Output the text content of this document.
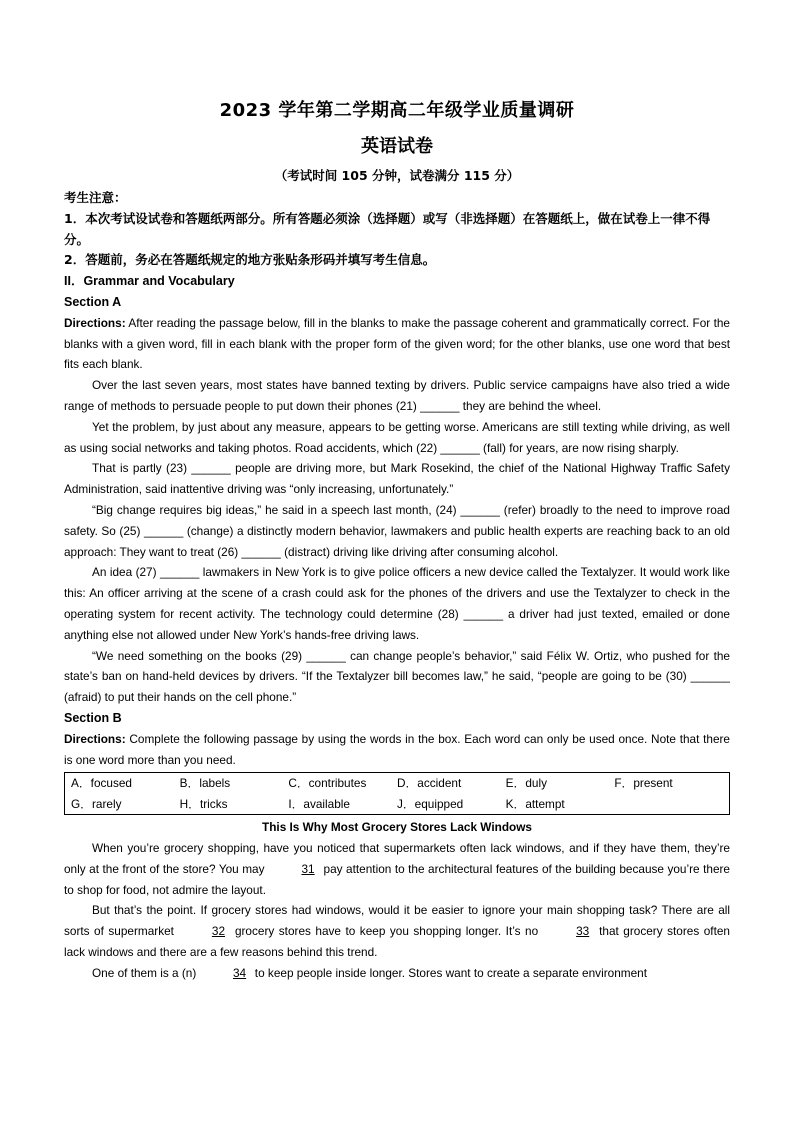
2023 学年第二学期高二年级学业质量调研
英语试卷
（考试时间 105 分钟，试卷满分 115 分）
考生注意：
1．本次考试设试卷和答题纸两部分。所有答题必须涂（选择题）或写（非选择题）在答题纸上，做在试卷上一律不得分。
2．答题前，务必在答题纸规定的地方张贴条形码并填写考生信息。
II．Grammar and Vocabulary
Section A

Directions: After reading the passage below, fill in the blanks to make the passage coherent and grammatically correct. For the blanks with a given word, fill in each blank with the proper form of the given word; for the other blanks, use one word that best fits each blank.

Over the last seven years, most states have banned texting by drivers. Public service campaigns have also tried a wide range of methods to persuade people to put down their phones (21) ______ they are behind the wheel.

Yet the problem, by just about any measure, appears to be getting worse. Americans are still texting while driving, as well as using social networks and taking photos. Road accidents, which (22) ______ (fall) for years, are now rising sharply.

That is partly (23) ______ people are driving more, but Mark Rosekind, the chief of the National Highway Traffic Safety Administration, said inattentive driving was “only increasing, unfortunately.”

“Big change requires big ideas,” he said in a speech last month, (24) ______ (refer) broadly to the need to improve road safety. So (25) ______ (change) a distinctly modern behavior, lawmakers and public health experts are reaching back to an old approach: They want to treat (26) ______ (distract) driving like driving after consuming alcohol.

An idea (27) ______ lawmakers in New York is to give police officers a new device called the Textalyzer. It would work like this: An officer arriving at the scene of a crash could ask for the phones of the drivers and use the Textalyzer to check in the operating system for recent activity. The technology could determine (28) ______ a driver had just texted, emailed or done anything else not allowed under New York’s hands-free driving laws.

“We need something on the books (29) ______ can change people’s behavior,” said Félix W. Ortiz, who pushed for the state’s ban on hand-held devices by drivers. “If the Textalyzer bill becomes law,” he said, “people are going to be (30) ______ (afraid) to put their hands on the cell phone.”

Section B

Directions: Complete the following passage by using the words in the box. Each word can only be used once. Note that there is one word more than you need.

A．focused	B．labels	C．contributes	D．accident	E．duly	F．present
G．rarely	H．tricks	I．available	J．equipped	K．attempt
This Is Why Most Grocery Stores Lack Windows

When you’re grocery shopping, have you noticed that supermarkets often lack windows, and if they have them, they’re only at the front of the store? You may	31 pay attention to the architectural features of the building because you’re there to shop for food, not admire the layout.

But that’s the point. If grocery stores had windows, would it be easier to ignore your main shopping task? There are all sorts of supermarket	32 grocery stores have to keep you shopping longer. It’s no	33 that grocery stores often lack windows and there are a few reasons behind this trend.

One of them is a (n)	34 to keep people inside longer. Stores want to create a separate environment
